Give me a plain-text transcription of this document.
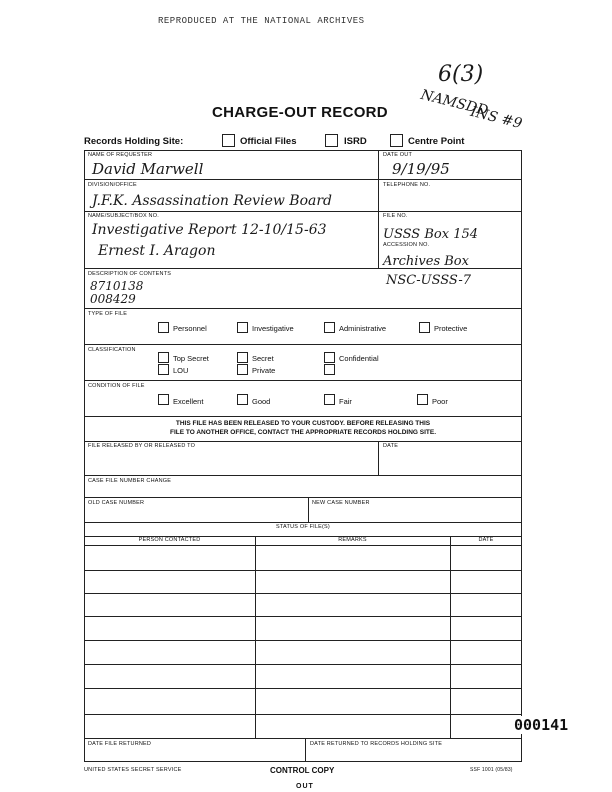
REPRODUCED AT THE NATIONAL ARCHIVES
6(3)
NAMSDD
INS #9
CHARGE-OUT RECORD
Records Holding Site:	Official Files	ISRD	Centre Point
NAME OF REQUESTER
David Marwell
DATE OUT
9/19/95
DIVISION/OFFICE
J.F.K. Assassination Review Board
TELEPHONE NO.
NAME/SUBJECT/BOX NO.
Investigative Report 12-10/15-63
Ernest I. Aragon
FILE NO.
USSS Box 154
ACCESSION NO.
Archives Box
NSC-USSS-7
DESCRIPTION OF CONTENTS
8710138
008429
TYPE OF FILE
Personnel	Investigative	Administrative	Protective
CLASSIFICATION
Top Secret	Secret	Confidential
LOU	Private
CONDITION OF FILE
Excellent	Good	Fair	Poor
THIS FILE HAS BEEN RELEASED TO YOUR CUSTODY. BEFORE RELEASING THIS
FILE TO ANOTHER OFFICE, CONTACT THE APPROPRIATE RECORDS HOLDING SITE.
FILE RELEASED BY OR RELEASED TO	DATE
CASE FILE NUMBER CHANGE
OLD CASE NUMBER	NEW CASE NUMBER
STATUS OF FILE(S)
PERSON CONTACTED	REMARKS	DATE
000141
DATE FILE RETURNED	DATE RETURNED TO RECORDS HOLDING SITE
UNITED STATES SECRET SERVICE	CONTROL COPY	SSF 1001 (05/83)
OUT
